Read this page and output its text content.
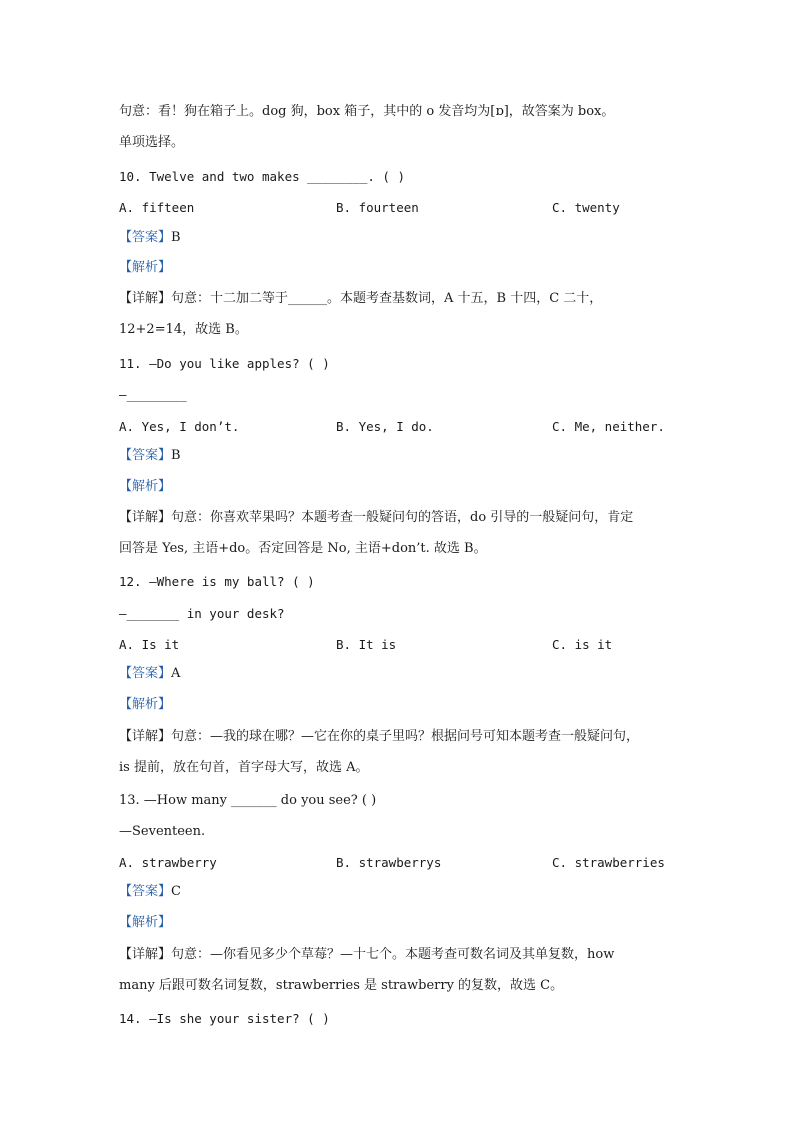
句意：看！狗在箱子上。dog 狗，box 箱子，其中的 o 发音均为[ɒ]，故答案为 box。
单项选择。
10. Twelve and two makes ________. ( )
A. fifteen	B. fourteen	C. twenty
【答案】B
【解析】
【详解】句意：十二加二等于______。本题考查基数词，A 十五，B 十四，C 二十，
12+2=14，故选 B。
11. —Do you like apples? ( )
—________
A. Yes, I don’t.	B. Yes, I do.	C. Me, neither.
【答案】B
【解析】
【详解】句意：你喜欢苹果吗？本题考查一般疑问句的答语，do 引导的一般疑问句，肯定
回答是 Yes, 主语+do。否定回答是 No, 主语+don’t. 故选 B。
12. —Where is my ball? ( )
—_______ in your desk?
A. Is it	B. It is	C. is it
【答案】A
【解析】
【详解】句意：—我的球在哪？—它在你的桌子里吗？根据问号可知本题考查一般疑问句，
is 提前，放在句首，首字母大写，故选 A。
13. —How many _______ do you see? ( )
—Seventeen.
A. strawberry	B. strawberrys	C. strawberries
【答案】C
【解析】
【详解】句意：—你看见多少个草莓？—十七个。本题考查可数名词及其单复数，how
many 后跟可数名词复数，strawberries 是 strawberry 的复数，故选 C。
14. —Is she your sister? ( )
